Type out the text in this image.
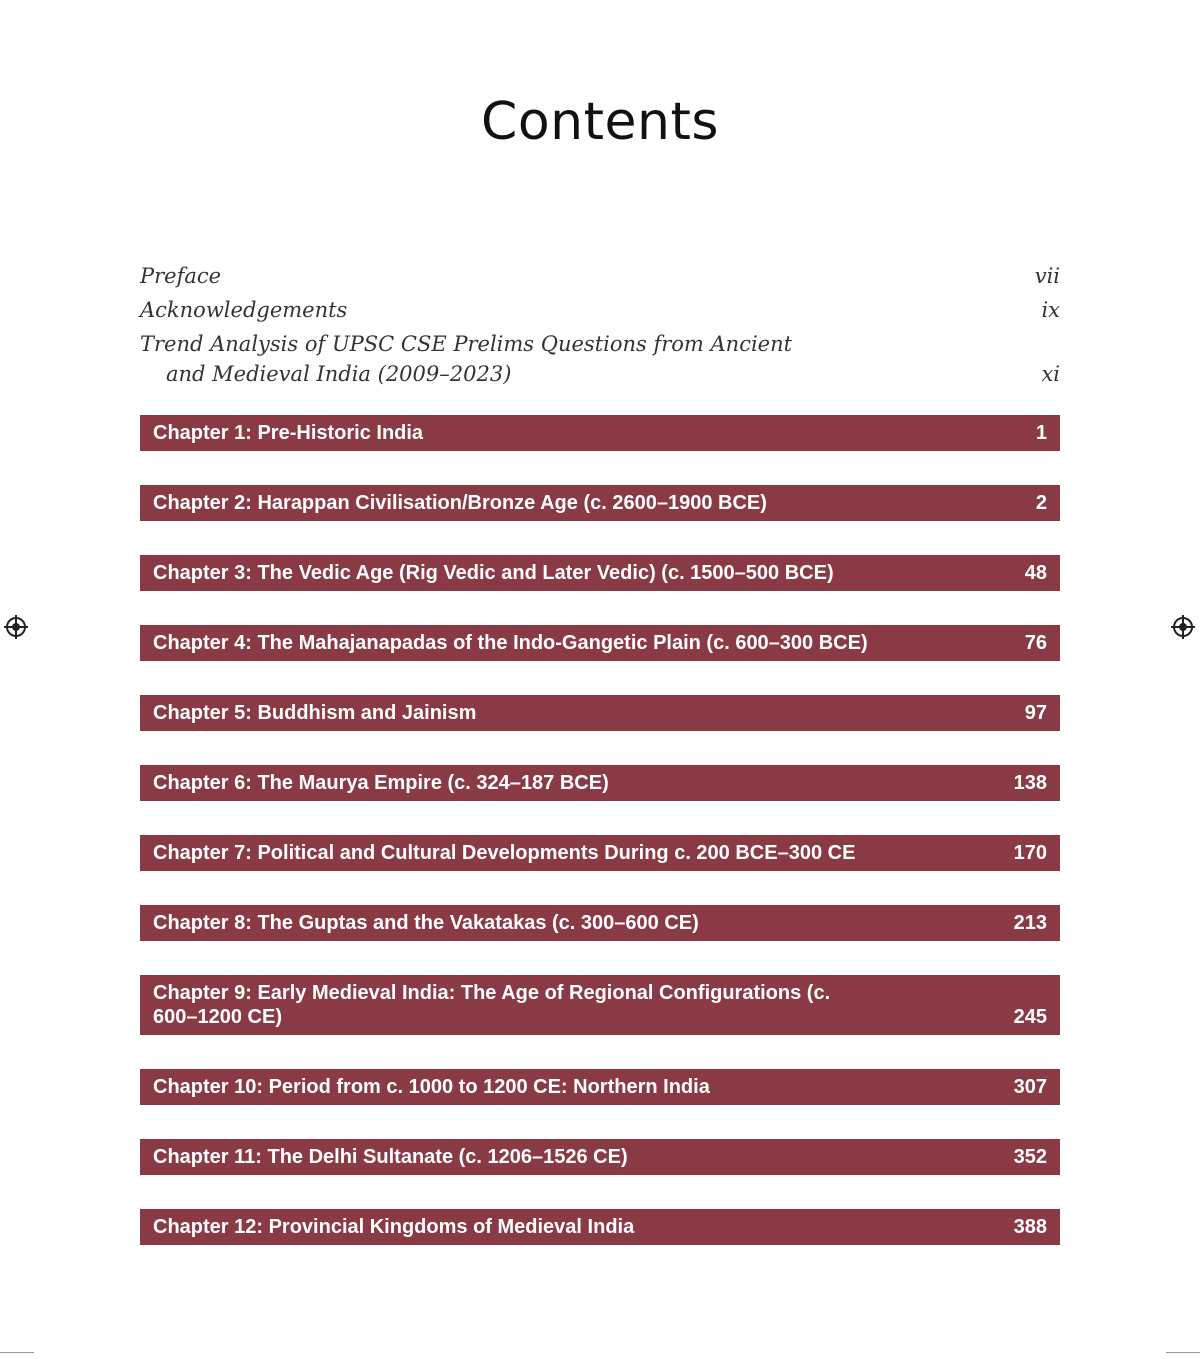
Contents
Preface	vii
Acknowledgements	ix
Trend Analysis of UPSC CSE Prelims Questions from Ancient
and Medieval India (2009–2023)	xi
Chapter 1: Pre-Historic India	1
Chapter 2: Harappan Civilisation/Bronze Age (c. 2600–1900 BCE)	2
Chapter 3: The Vedic Age (Rig Vedic and Later Vedic) (c. 1500–500 BCE)	48
Chapter 4: The Mahajanapadas of the Indo-Gangetic Plain (c. 600–300 BCE)	76
Chapter 5: Buddhism and Jainism	97
Chapter 6: The Maurya Empire (c. 324–187 BCE)	138
Chapter 7: Political and Cultural Developments During c. 200 BCE–300 CE	170
Chapter 8: The Guptas and the Vakatakas (c. 300–600 CE)	213
Chapter 9: Early Medieval India: The Age of Regional Configurations (c. 600–1200 CE)	245
Chapter 10: Period from c. 1000 to 1200 CE: Northern India	307
Chapter 11: The Delhi Sultanate (c. 1206–1526 CE)	352
Chapter 12: Provincial Kingdoms of Medieval India	388
